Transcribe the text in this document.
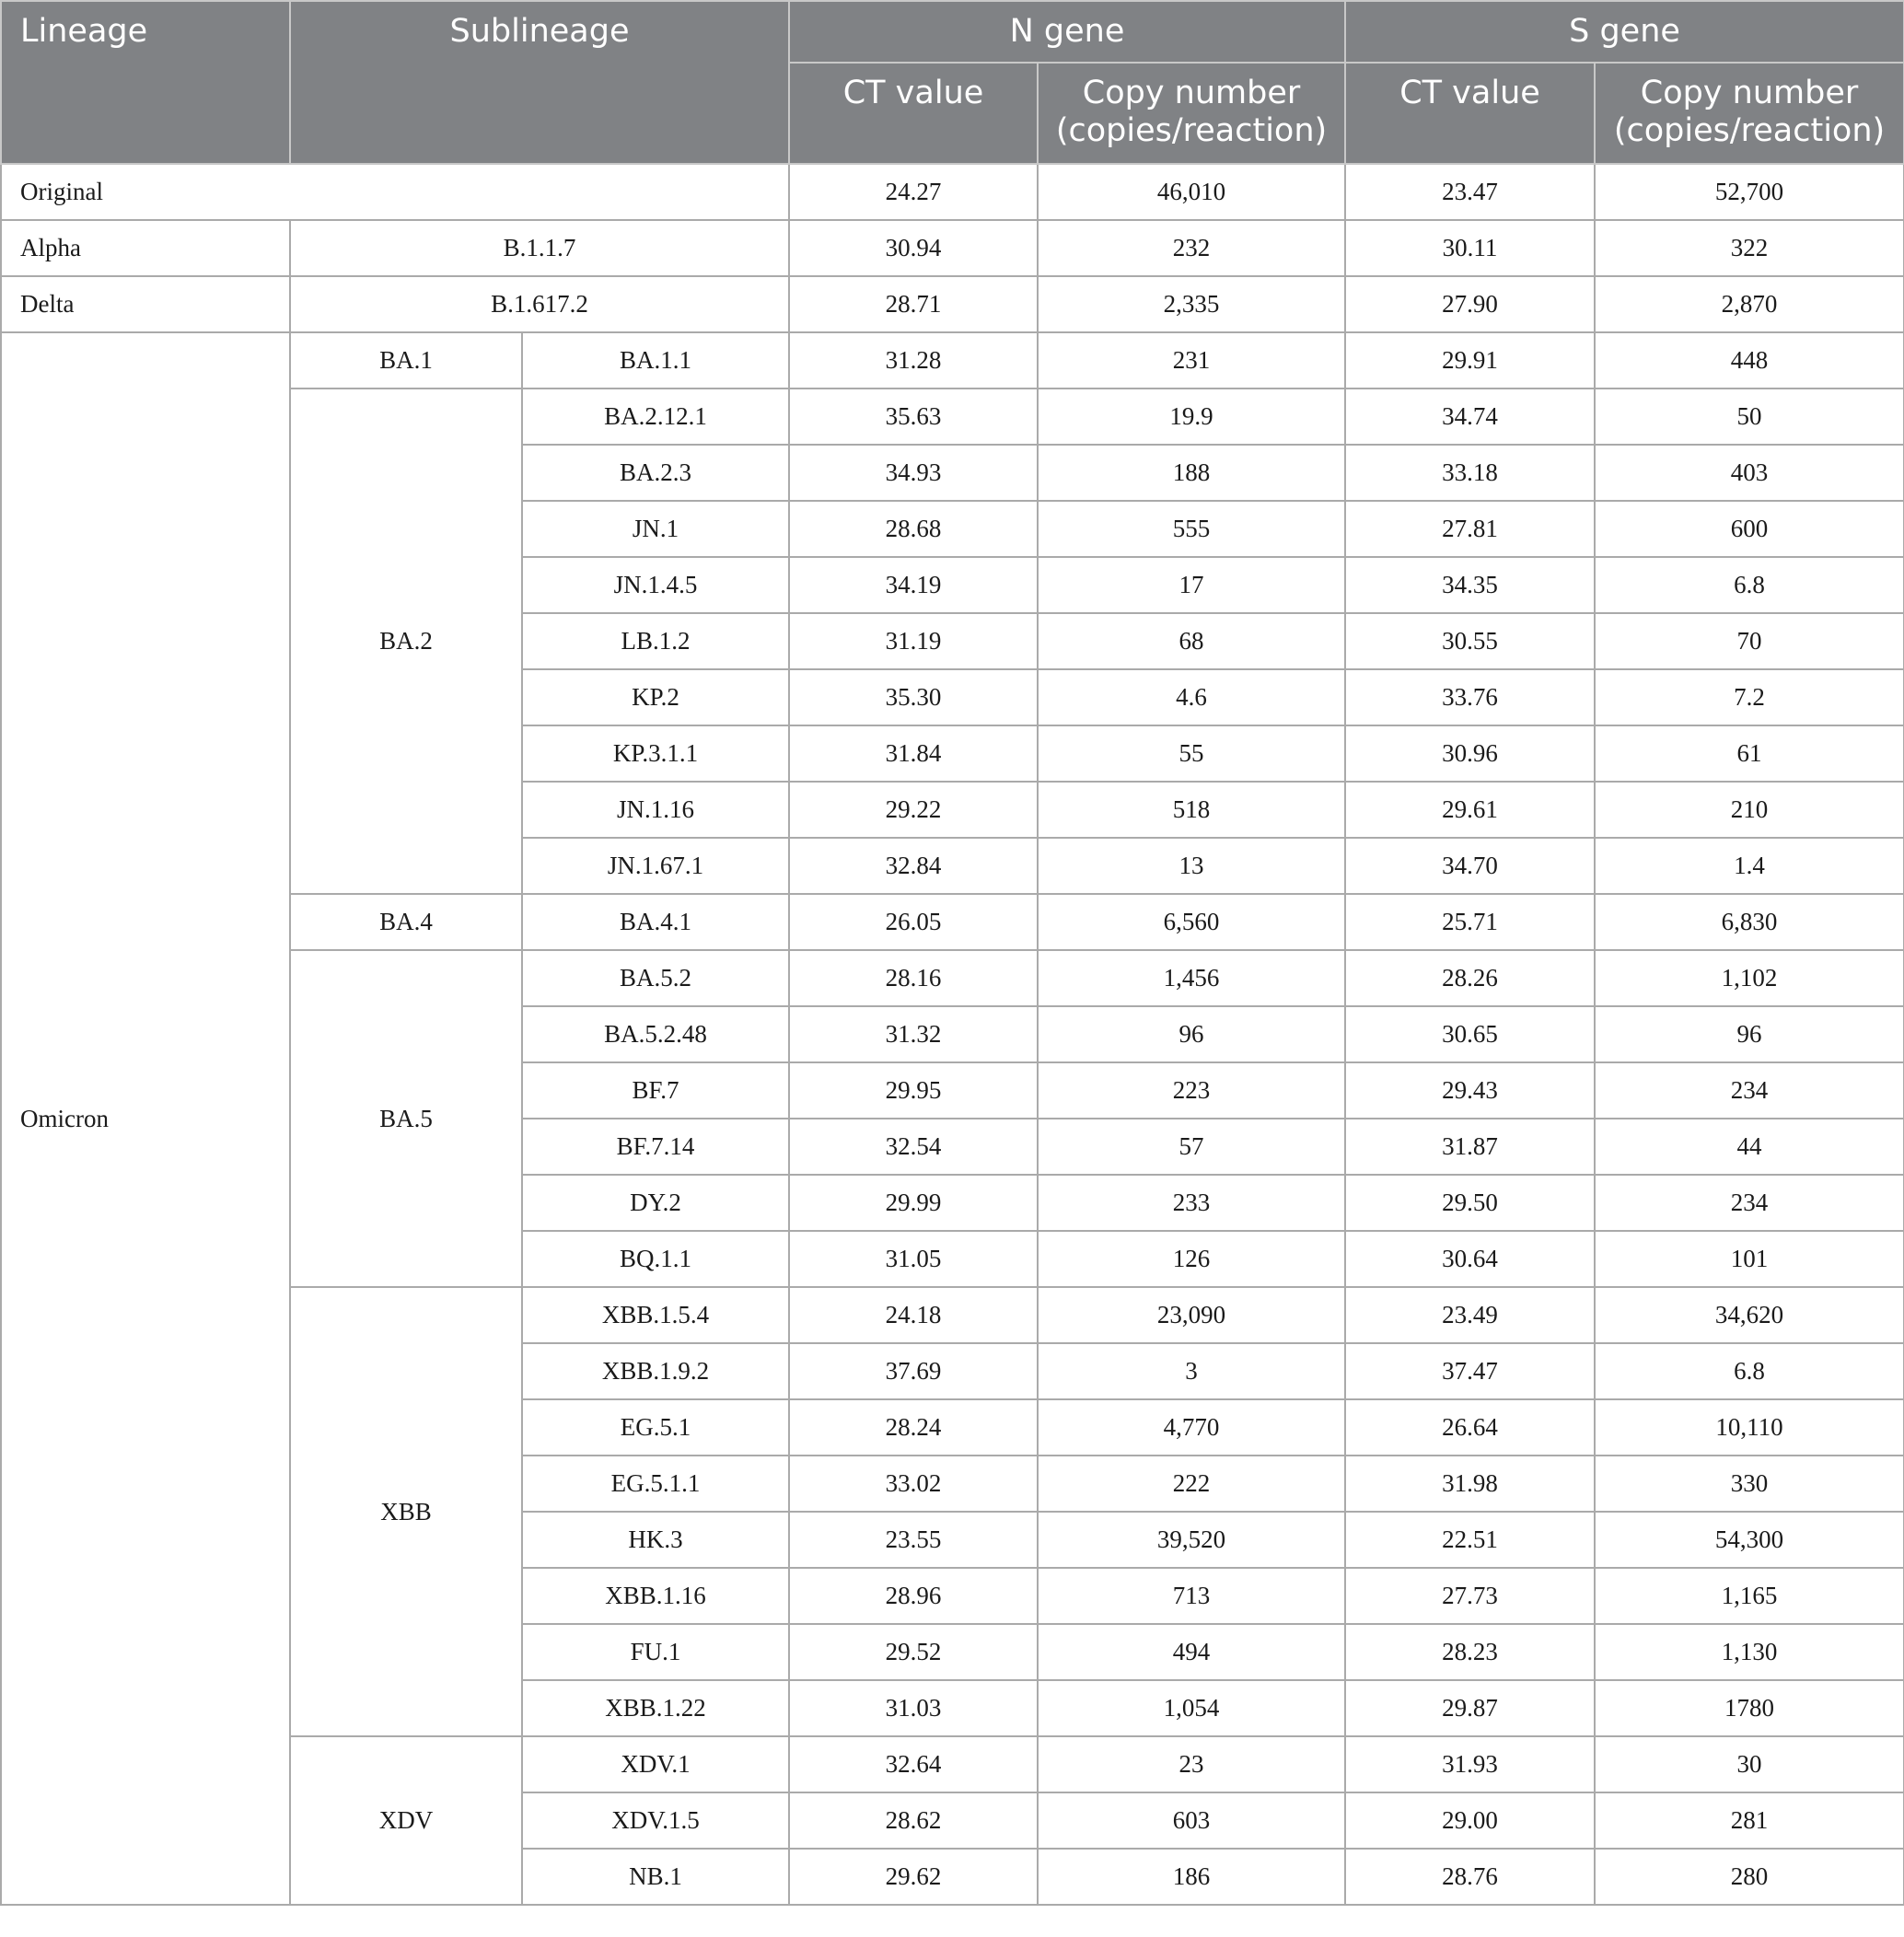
Lineage	Sublineage		N gene		S gene	
			CT value	Copy number (copies/reaction)	CT value	Copy number (copies/reaction)
Original			24.27	46,010	23.47	52,700
Alpha	B.1.1.7		30.94	232	30.11	322
Delta	B.1.617.2		28.71	2,335	27.90	2,870
Omicron	BA.1	BA.1.1	31.28	231	29.91	448
	BA.2	BA.2.12.1	35.63	19.9	34.74	50
		BA.2.3	34.93	188	33.18	403
		JN.1	28.68	555	27.81	600
		JN.1.4.5	34.19	17	34.35	6.8
		LB.1.2	31.19	68	30.55	70
		KP.2	35.30	4.6	33.76	7.2
		KP.3.1.1	31.84	55	30.96	61
		JN.1.16	29.22	518	29.61	210
		JN.1.67.1	32.84	13	34.70	1.4
	BA.4	BA.4.1	26.05	6,560	25.71	6,830
	BA.5	BA.5.2	28.16	1,456	28.26	1,102
		BA.5.2.48	31.32	96	30.65	96
		BF.7	29.95	223	29.43	234
		BF.7.14	32.54	57	31.87	44
		DY.2	29.99	233	29.50	234
		BQ.1.1	31.05	126	30.64	101
	XBB	XBB.1.5.4	24.18	23,090	23.49	34,620
		XBB.1.9.2	37.69	3	37.47	6.8
		EG.5.1	28.24	4,770	26.64	10,110
		EG.5.1.1	33.02	222	31.98	330
		HK.3	23.55	39,520	22.51	54,300
		XBB.1.16	28.96	713	27.73	1,165
		FU.1	29.52	494	28.23	1,130
		XBB.1.22	31.03	1,054	29.87	1780
	XDV	XDV.1	32.64	23	31.93	30
		XDV.1.5	28.62	603	29.00	281
		NB.1	29.62	186	28.76	280
